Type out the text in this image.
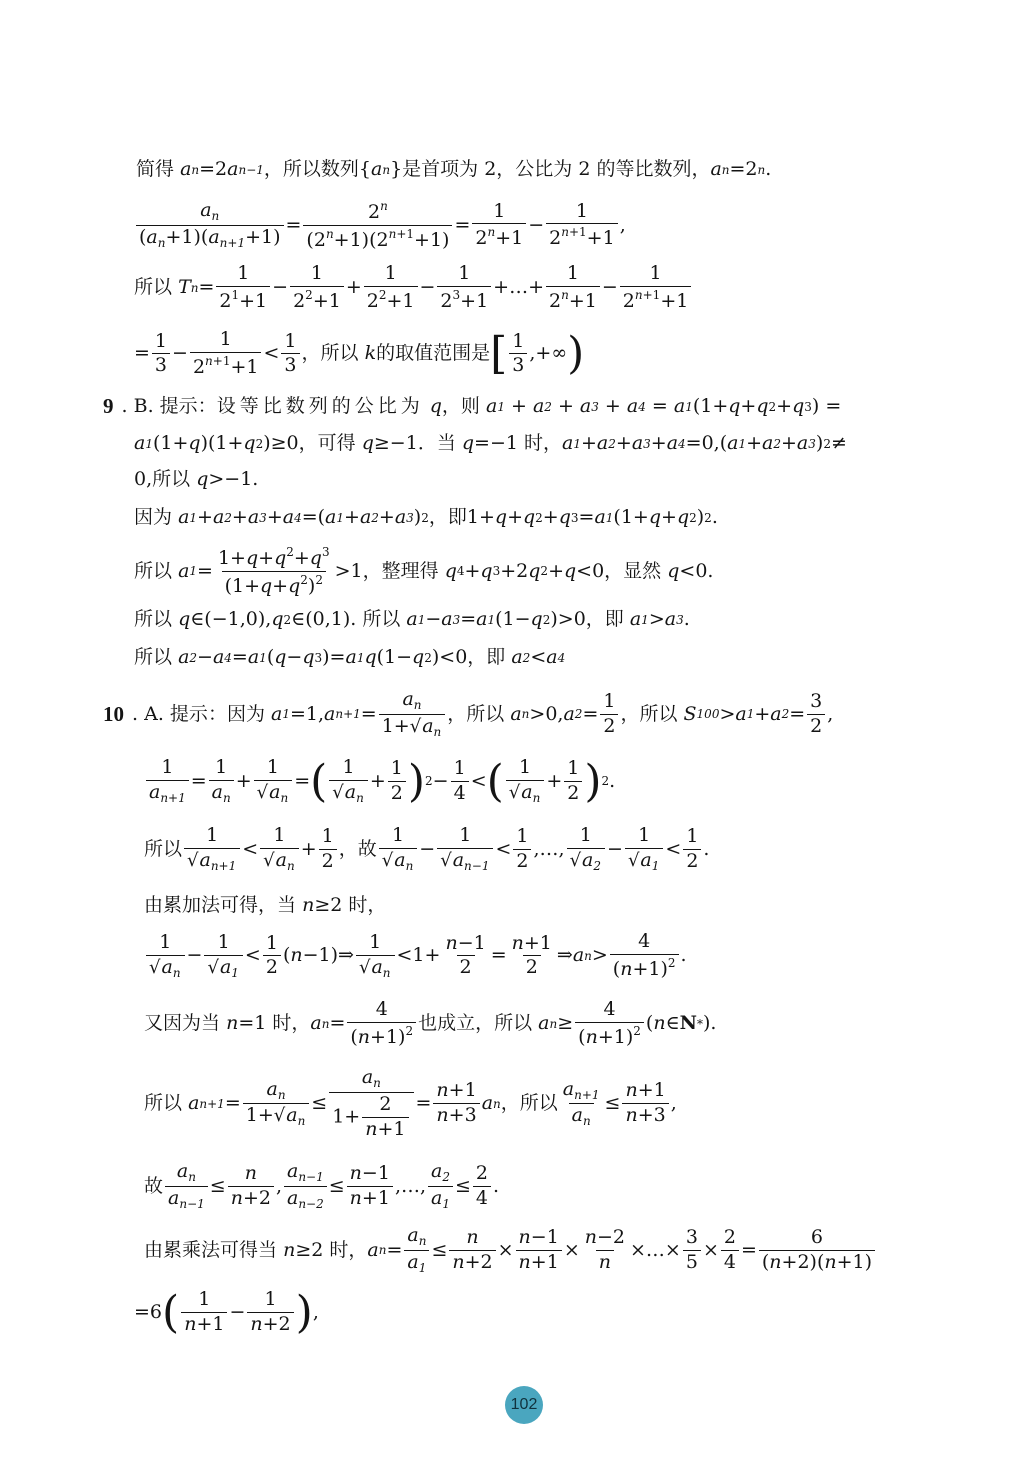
简得
a n =2 a n−1 ，所以数列 { a n } 是首项为 2，公比为 2 的等比数列， a n =2 n .
$\frac{a_n}{(a_n+1)(a_{n+1}+1)} = \frac{2^n}{(2^n+1)(2^{n+1}+1)} = \frac{1}{2^n+1} - \frac{1}{2^{n+1}+1}$ ,
所以
T $n = \frac{1}{2^1+1} - \frac{1}{2^2+1} + \frac{1}{2^2+1} - \frac{1}{2^3+1}$ +…+ $\frac{1}{2^n+1} - \frac{1}{2^{n+1}+1}$
= $\frac{1}{3} - \frac{1}{2^{n+1}+1} < \frac{1}{3}$ ，所以
k 的取值范围是 [ $\frac{1}{3}$ ,+∞ )
9 . B . 提示 ： 设等比数列的公比为
q ，则
a 1 + a 2 + a 3 + a 4 = a 1 (1+ q + q 2 + q 3 ) =
a 1 (1+ q )(1+ q 2 )≥0 ，可得
q ≥−1 ．当
q =−1 时， a 1 + a 2 + a 3 + a 4 =0,( a 1 + a 2 + a 3 ) 2 ≠
0, 所以
q >−1.
因为
a 1 + a 2 + a 3 + a 4 =( a 1 + a 2 + a 3 ) 2 ，即 1+ q + q 2 + q 3 = a 1 (1+ q + q 2 ) 2 .
所以
a $1 = \frac{1+q+q^2+q^3}{(1+q+q^2)^2} >1$ ，整理得
q 4 + q 3 +2 q 2 + q <0 ，显然
q <0.
所以
q ∈(−1,0), q 2 ∈(0,1). 所以
a 1 − a 3 = a 1 (1− q 2 )>0 ，即
a 1 > a 3 .
所以
a 2 − a 4 = a 1 ( q − q 3 )= a 1 q (1− q 2 )<0 ，即
a 2 < a 4
10 . A . 提示 ： 因为
a 1 =1, a $n+1 = \frac{a_n}{1+√a_n}$ ，所以
a n >0, a $2 = \frac{1}{2}$ ，所以
S 100 > a 1 + a $2 = \frac{3}{2}$ ,
$\frac{1}{a_{n+1}} = \frac{1}{a_n} + \frac{1}{√a_n}$ = ( $\frac{1}{√a_n} + \frac{1}{2}$ ) $2 - \frac{1}{4}$ < ( $\frac{1}{√a_n} + \frac{1}{2}$ ) 2 .
所以 $\frac{1}{√a_{n+1}} < \frac{1}{√a_n} + \frac{1}{2}$ ，故 $\frac{1}{√a_n} - \frac{1}{√a_{n-1}} < \frac{1}{2}$ ,…, $\frac{1}{√a_2} - \frac{1}{√a_1} < \frac{1}{2}$ .
由累加法可得，当
n ≥2 时，
$\frac{1}{√a_n} - \frac{1}{√a_1} < \frac{1}{2}$ ( n −1)⇒ $\frac{1}{√a_n} <1+ \frac{n-1}{2} = \frac{n+1}{2}$ ⇒ a $n > \frac{4}{(n+1)^2}$ .
又因为当
n =1 时， a $n = \frac{4}{(n+1)^2}$ 也成立，所以
a $n \ge \frac{4}{(n+1)^2}$ ( n ∈ N * ).
所以
a $n+1 = \frac{a_n}{1+√a_n} \le \frac{a_n}{1+ \frac{2}{n+1}} = \frac{n+1}{n+3}$ a n ，所以 $\frac{a_{n+1}}{a_n} \le \frac{n+1}{n+3}$ ,
故 $\frac{a_n}{a_{n-1}} \le \frac{n}{n+2}$ , $\frac{a_{n-1}}{a_{n-2}} \le \frac{n-1}{n+1}$ ,…, $\frac{a_2}{a_1} \le \frac{2}{4}$ .
由累乘法可得当
n ≥2 时， a $n = \frac{a_n}{a_1} \le \frac{n}{n+2} \times \frac{n-1}{n+1} \times \frac{n-2}{n}$ ×…× $\frac{3}{5} \times \frac{2}{4} = \frac{6}{(n+2)(n+1)}$
=6 ( $\frac{1}{n+1} - \frac{1}{n+2}$ ) ,
102
